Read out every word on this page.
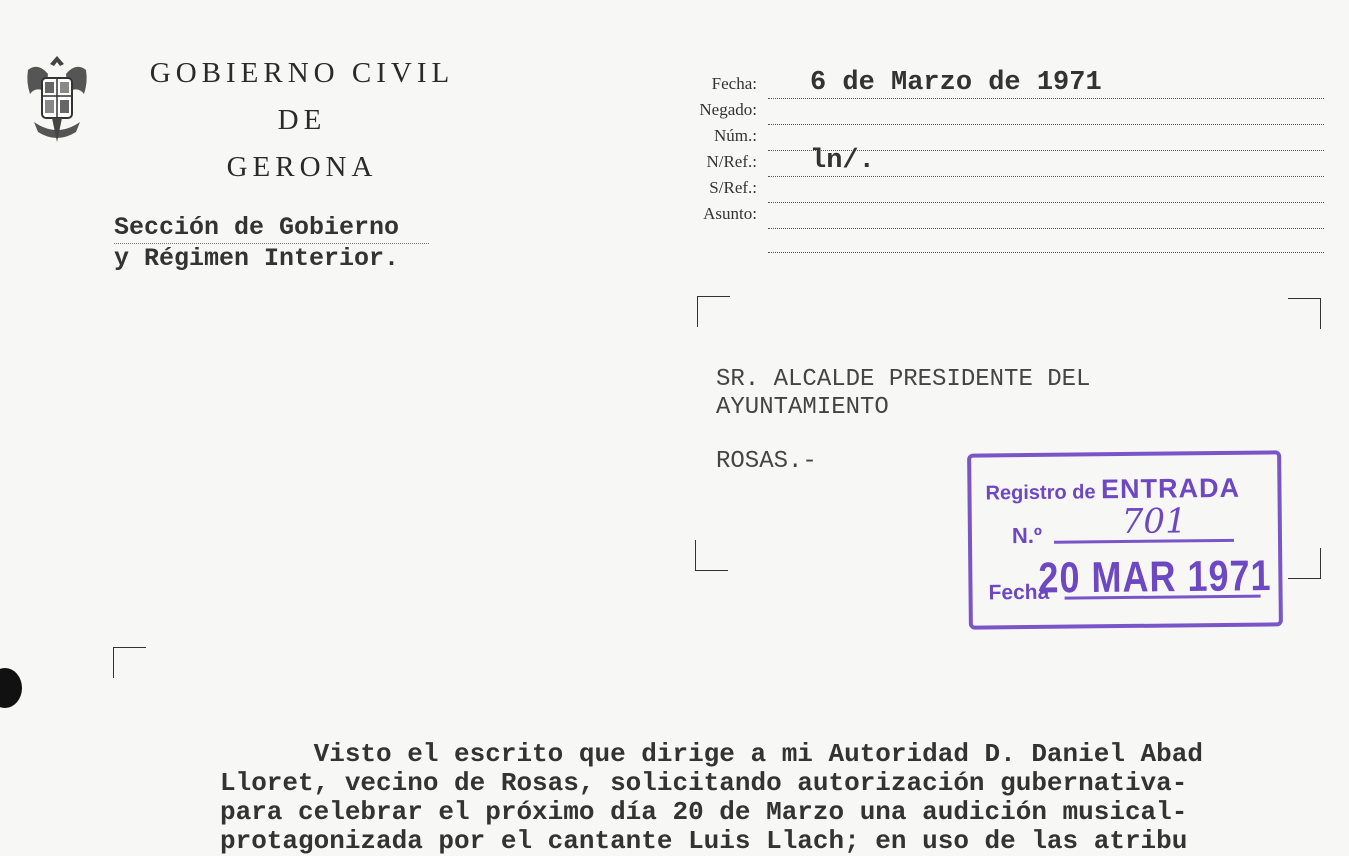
GOBIERNO CIVIL
DE
GERONA
Sección de Gobierno
y Régimen Interior.
Fecha: 6 de Marzo de 1971
Negado:
Núm.:
N/Ref.: ln/.
S/Ref.:
Asunto:
SR. ALCALDE PRESIDENTE DEL
AYUNTAMIENTO
ROSAS.-
Registro de ENTRADA
N.º 701
Fecha
20 MAR 1971
Visto el escrito que dirige a mi Autoridad D. Daniel Abad
Lloret, vecino de Rosas, solicitando autorización gubernativa-
para celebrar el próximo día 20 de Marzo una audición musical-
protagonizada por el cantante Luis Llach; en uso de las atribu
